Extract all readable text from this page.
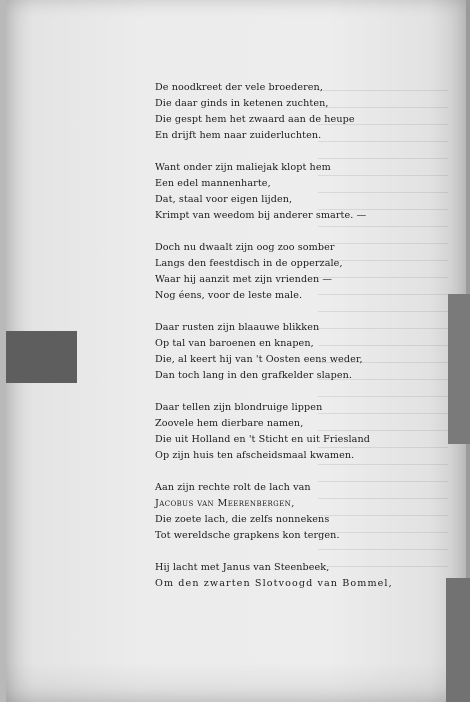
De noodkreet der vele broederen,
Die daar ginds in ketenen zuchten,
Die gespt hem het zwaard aan de heupe
En drijft hem naar zuiderluchten.
Want onder zijn maliejak klopt hem
Een edel mannenharte,
Dat, staal voor eigen lijden,
Krimpt van weedom bij anderer smarte. —
Doch nu dwaalt zijn oog zoo somber
Langs den feestdisch in de opperzale,
Waar hij aanzit met zijn vrienden —
Nog éens, voor de leste male.
Daar rusten zijn blaauwe blikken
Op tal van baroenen en knapen,
Die, al keert hij van 't Oosten eens weder,
Dan toch lang in den grafkelder slapen.
Daar tellen zijn blondruige lippen
Zoovele hem dierbare namen,
Die uit Holland en 't Sticht en uit Friesland
Op zijn huis ten afscheidsmaal kwamen.
Aan zijn rechte rolt de lach van
Jacobus van Meerenbergen,
Die zoete lach, die zelfs nonnekens
Tot wereldsche grapkens kon tergen.
Hij lacht met Janus van Steenbeek,
Om den zwarten Slotvoogd van Bommel,
